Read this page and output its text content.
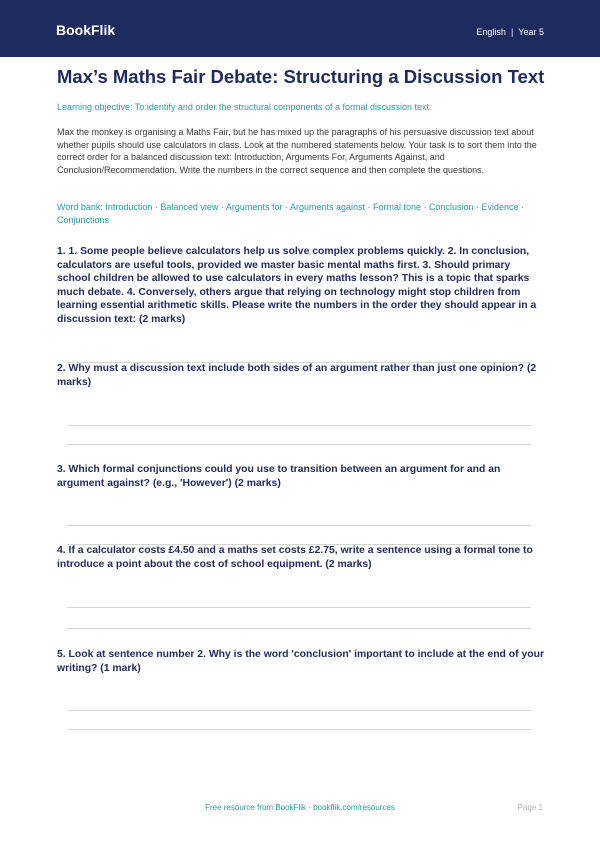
BookFlik	English | Year 5
Max’s Maths Fair Debate: Structuring a Discussion Text
Learning objective: To identify and order the structural components of a formal discussion text.
Max the monkey is organising a Maths Fair, but he has mixed up the paragraphs of his persuasive discussion text about whether pupils should use calculators in class. Look at the numbered statements below. Your task is to sort them into the correct order for a balanced discussion text: Introduction, Arguments For, Arguments Against, and Conclusion/Recommendation. Write the numbers in the correct sequence and then complete the questions.
Word bank: Introduction · Balanced view · Arguments for · Arguments against · Formal tone · Conclusion · Evidence · Conjunctions
1. 1. Some people believe calculators help us solve complex problems quickly. 2. In conclusion, calculators are useful tools, provided we master basic mental maths first. 3. Should primary school children be allowed to use calculators in every maths lesson? This is a topic that sparks much debate. 4. Conversely, others argue that relying on technology might stop children from learning essential arithmetic skills. Please write the numbers in the order they should appear in a discussion text: (2 marks)
2. Why must a discussion text include both sides of an argument rather than just one opinion? (2 marks)
3. Which formal conjunctions could you use to transition between an argument for and an argument against? (e.g., 'However') (2 marks)
4. If a calculator costs £4.50 and a maths set costs £2.75, write a sentence using a formal tone to introduce a point about the cost of school equipment. (2 marks)
5. Look at sentence number 2. Why is the word 'conclusion' important to include at the end of your writing? (1 mark)
Free resource from BookFlik · bookflik.com/resources	Page 1
